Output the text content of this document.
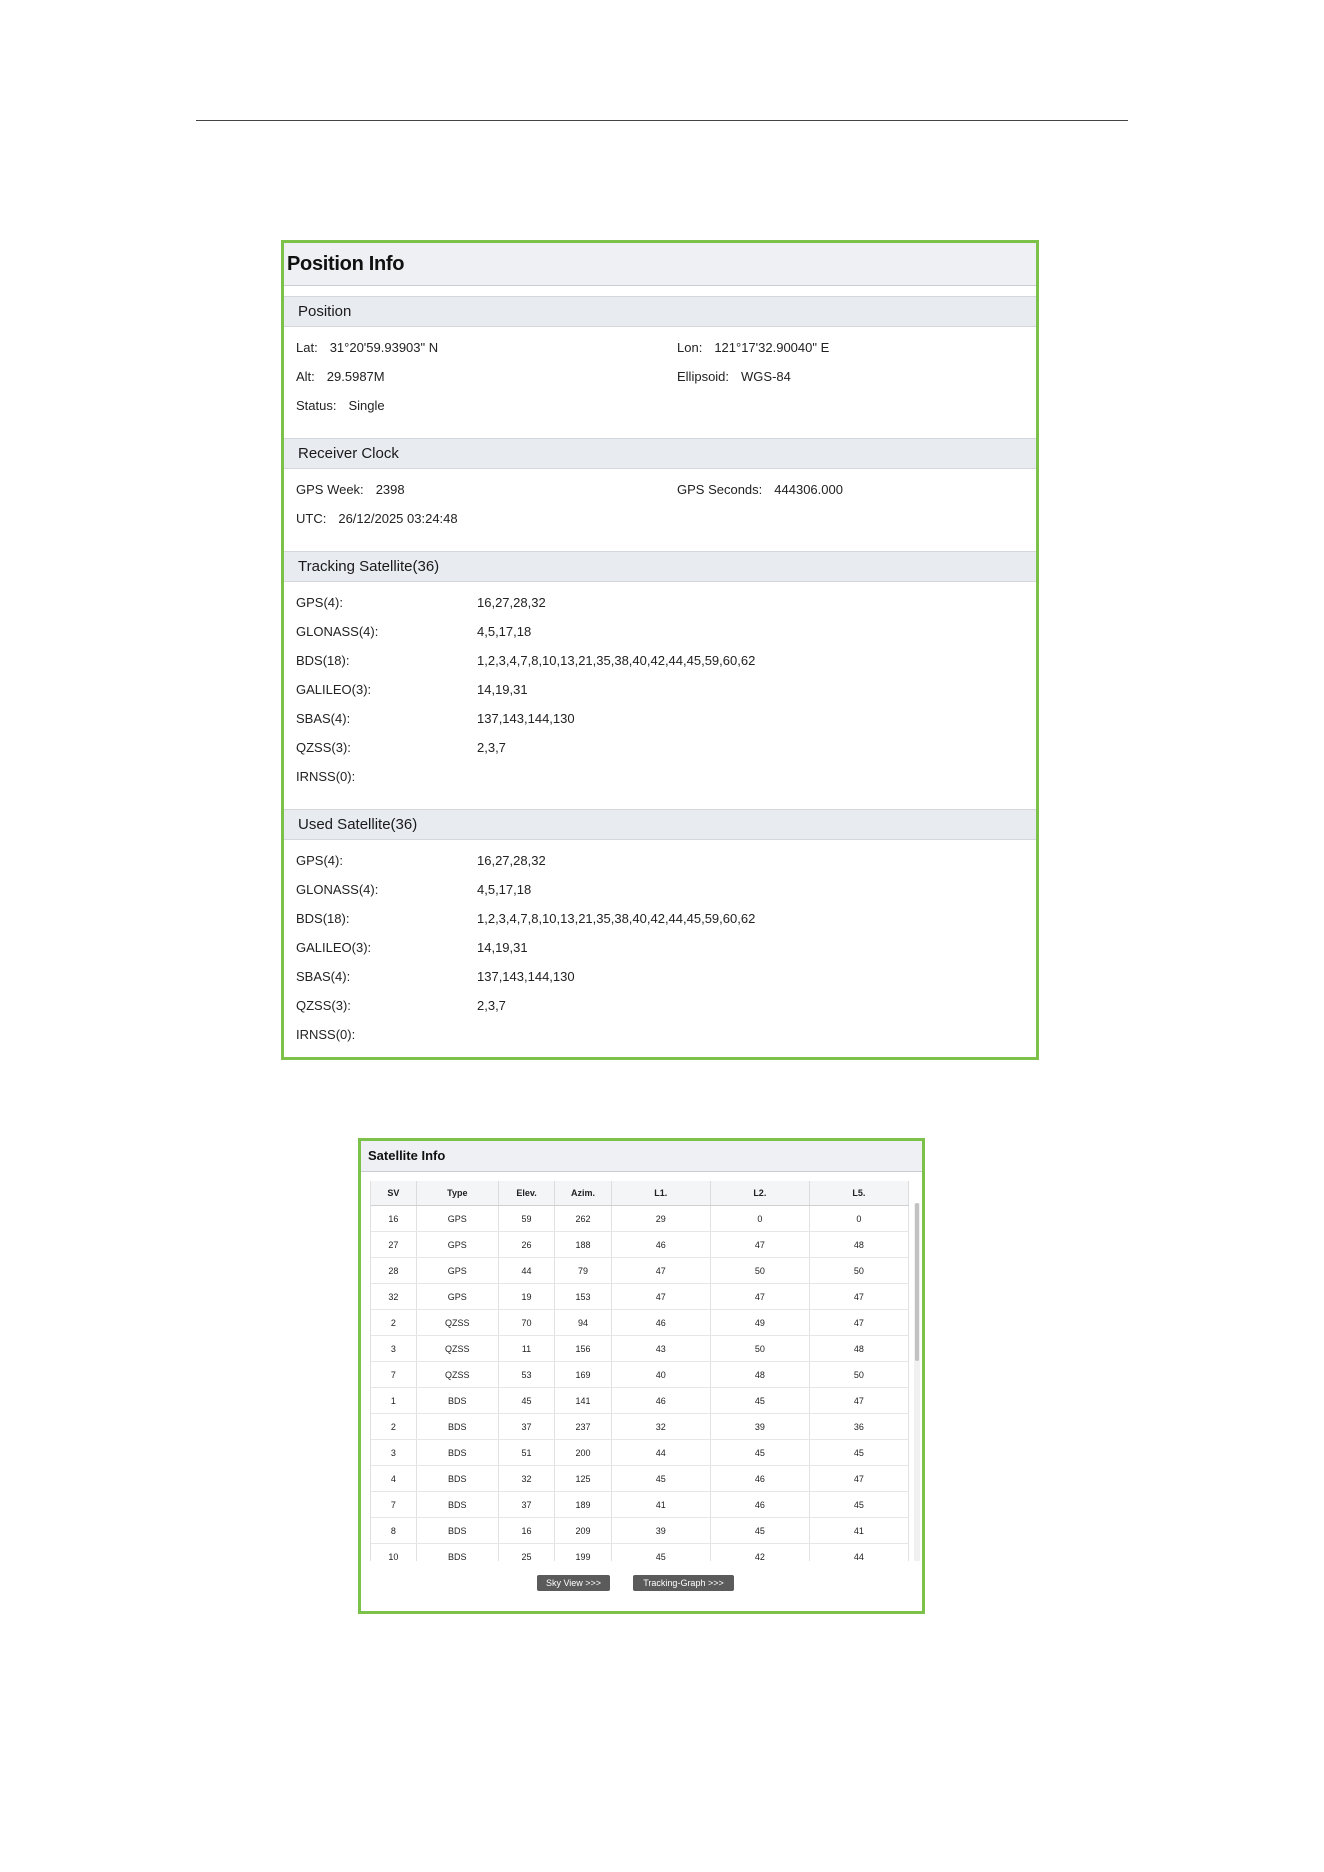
Position Info
Position
Lat: 31°20'59.93903" N	Lon: 121°17'32.90040" E
Alt: 29.5987M	Ellipsoid: WGS-84
Status: Single
Receiver Clock
GPS Week: 2398	GPS Seconds: 444306.000
UTC: 26/12/2025 03:24:48
Tracking Satellite(36)
GPS(4):	16,27,28,32
GLONASS(4):	4,5,17,18
BDS(18):	1,2,3,4,7,8,10,13,21,35,38,40,42,44,45,59,60,62
GALILEO(3):	14,19,31
SBAS(4):	137,143,144,130
QZSS(3):	2,3,7
IRNSS(0):
Used Satellite(36)
GPS(4):	16,27,28,32
GLONASS(4):	4,5,17,18
BDS(18):	1,2,3,4,7,8,10,13,21,35,38,40,42,44,45,59,60,62
GALILEO(3):	14,19,31
SBAS(4):	137,143,144,130
QZSS(3):	2,3,7
IRNSS(0):
Satellite Info
SV	Type	Elev.	Azim.	L1.	L2.	L5.
16	GPS	59	262	29	0	0
27	GPS	26	188	46	47	48
28	GPS	44	79	47	50	50
32	GPS	19	153	47	47	47
2	QZSS	70	94	46	49	47
3	QZSS	11	156	43	50	48
7	QZSS	53	169	40	48	50
1	BDS	45	141	46	45	47
2	BDS	37	237	32	39	36
3	BDS	51	200	44	45	45
4	BDS	32	125	45	46	47
7	BDS	37	189	41	46	45
8	BDS	16	209	39	45	41
10	BDS	25	199	45	42	44

Sky View >>>	Tracking-Graph >>>
